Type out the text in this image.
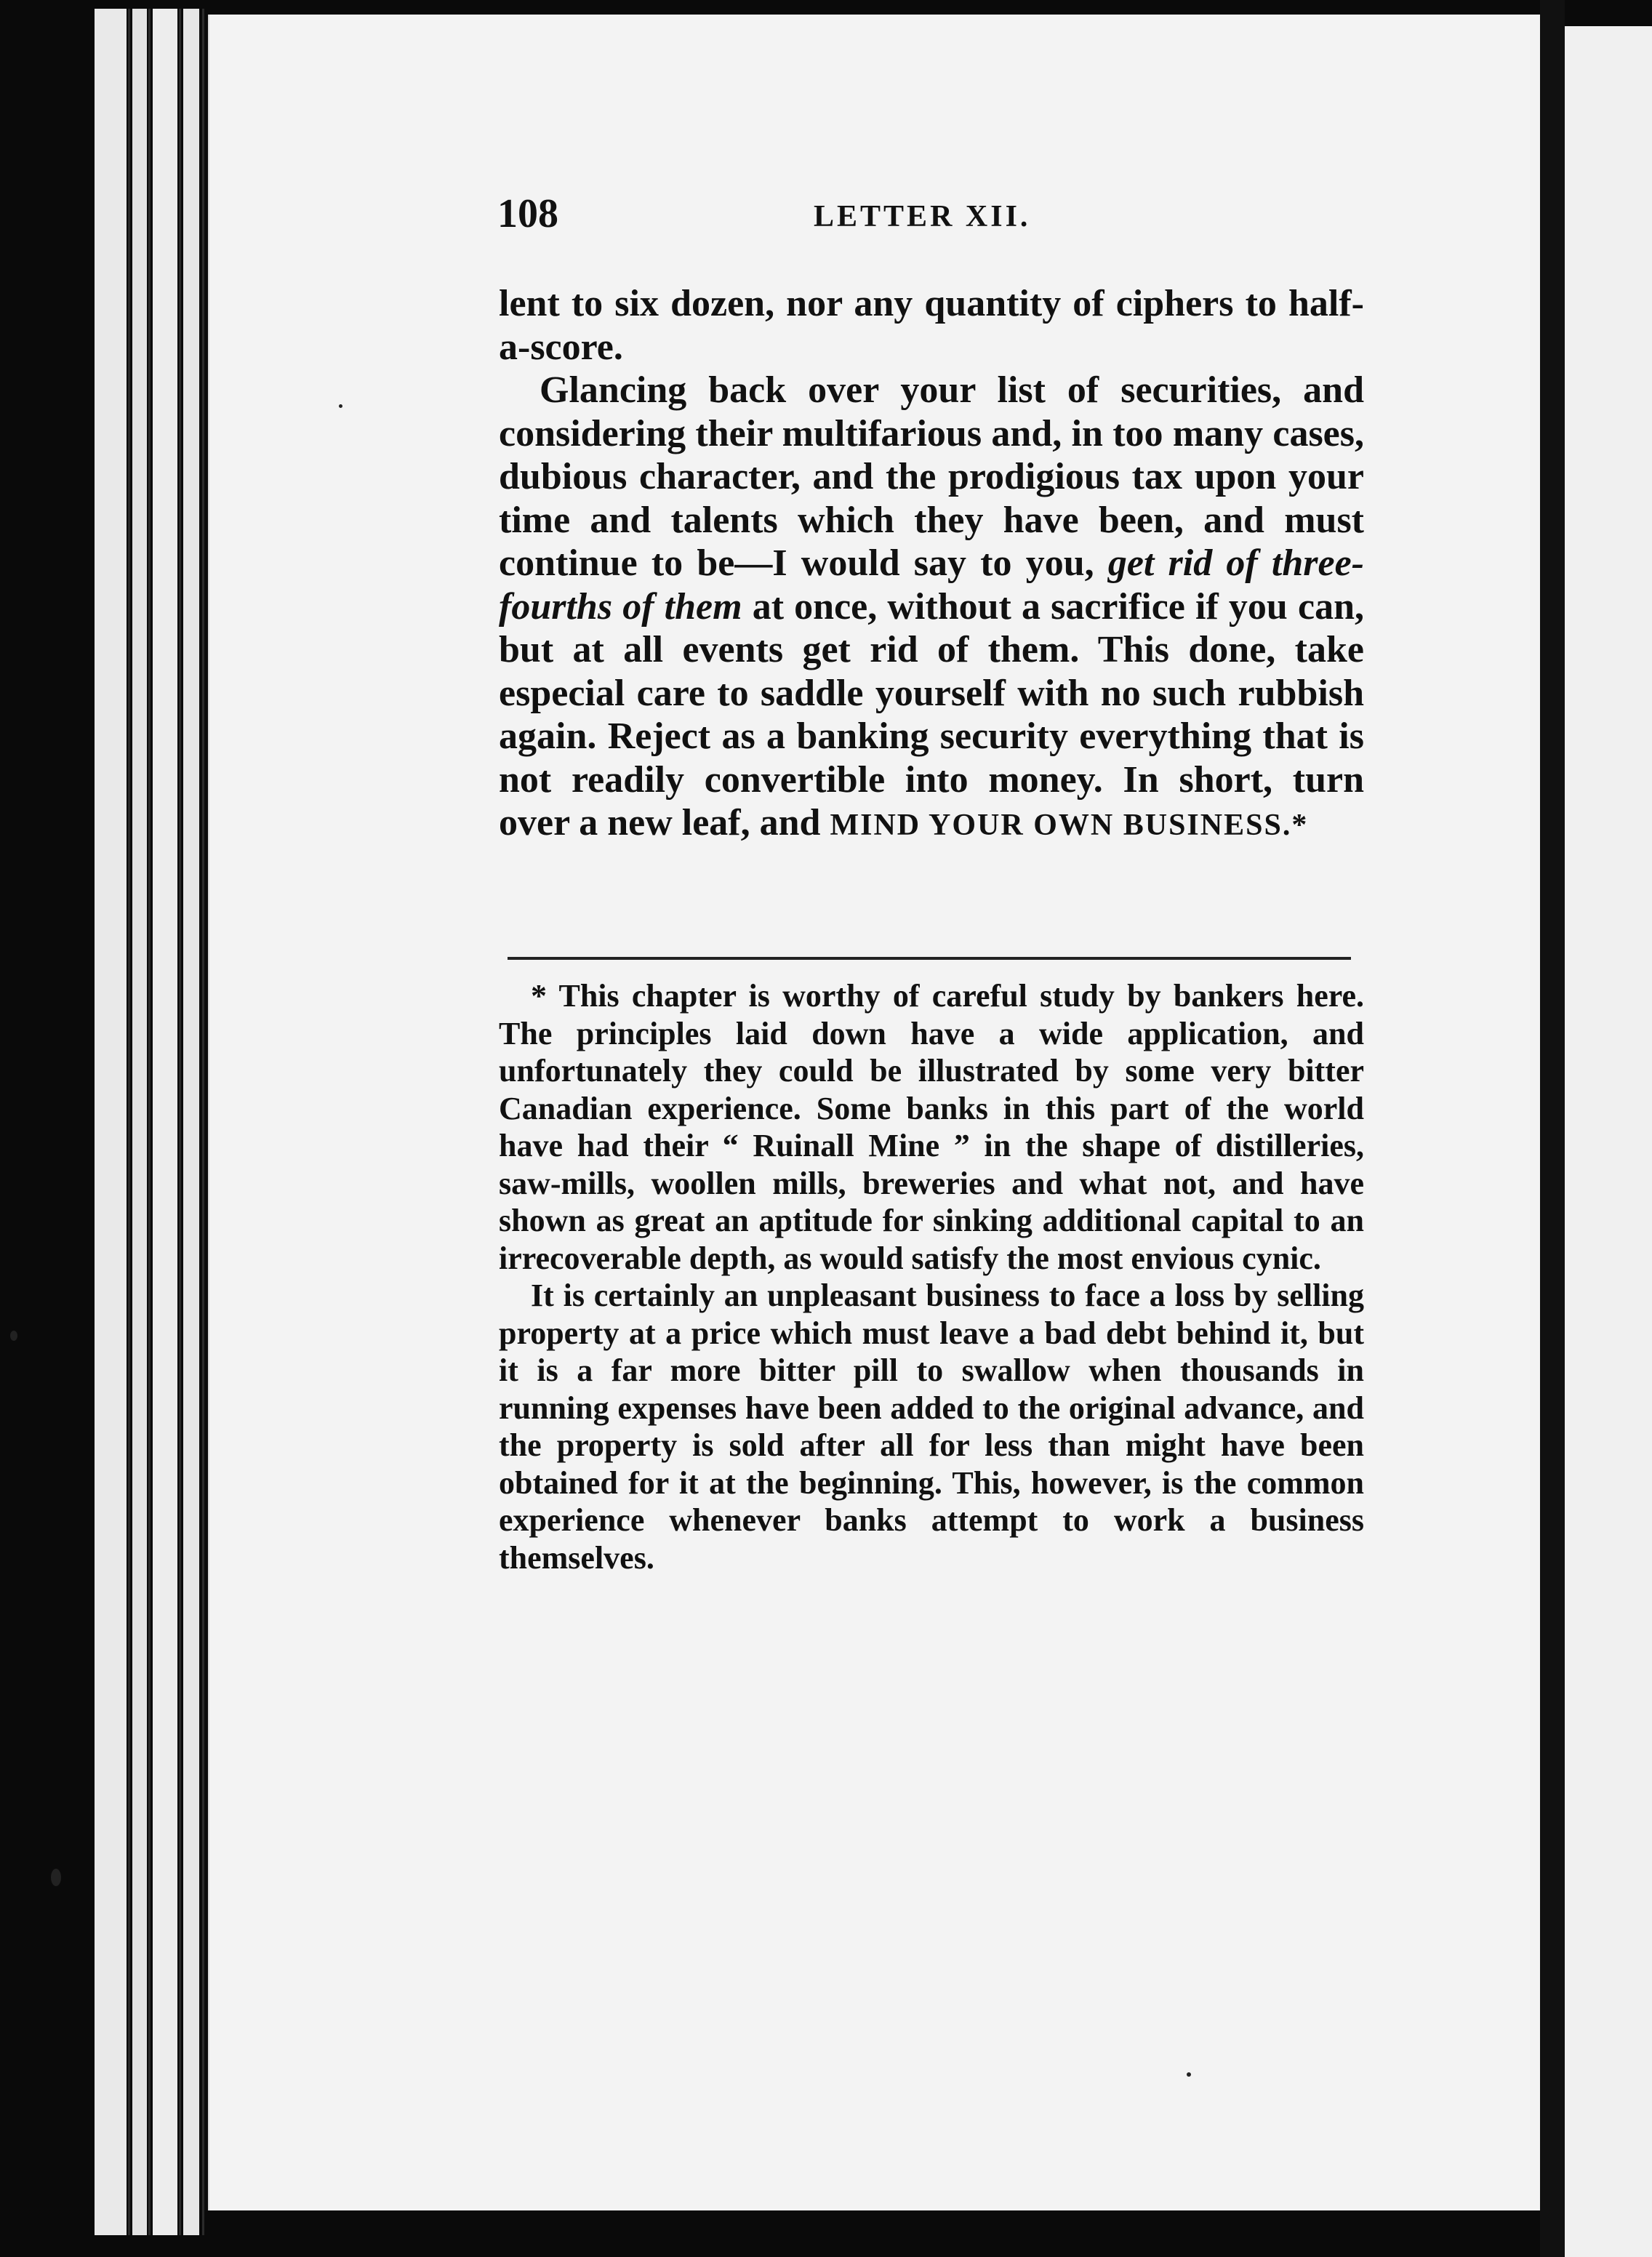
108	LETTER XII.

lent to six dozen, nor any quantity of ciphers to half-a-score.

Glancing back over your list of securities, and considering their multifarious and, in too many cases, dubious character, and the prodigious tax upon your time and talents which they have been, and must continue to be—I would say to you, get rid of three-fourths of them at once, without a sacrifice if you can, but at all events get rid of them. This done, take especial care to saddle yourself with no such rubbish again. Reject as a banking security everything that is not readily convertible into money. In short, turn over a new leaf, and MIND YOUR OWN BUSINESS.*

* This chapter is worthy of careful study by bankers here. The principles laid down have a wide application, and unfortunately they could be illustrated by some very bitter Canadian experience. Some banks in this part of the world have had their “ Ruinall Mine ” in the shape of distilleries, saw-mills, woollen mills, breweries and what not, and have shown as great an aptitude for sinking additional capital to an irrecoverable depth, as would satisfy the most envious cynic.

It is certainly an unpleasant business to face a loss by selling property at a price which must leave a bad debt behind it, but it is a far more bitter pill to swallow when thousands in running expenses have been added to the original advance, and the property is sold after all for less than might have been obtained for it at the beginning. This, however, is the common experience whenever banks attempt to work a business themselves.
